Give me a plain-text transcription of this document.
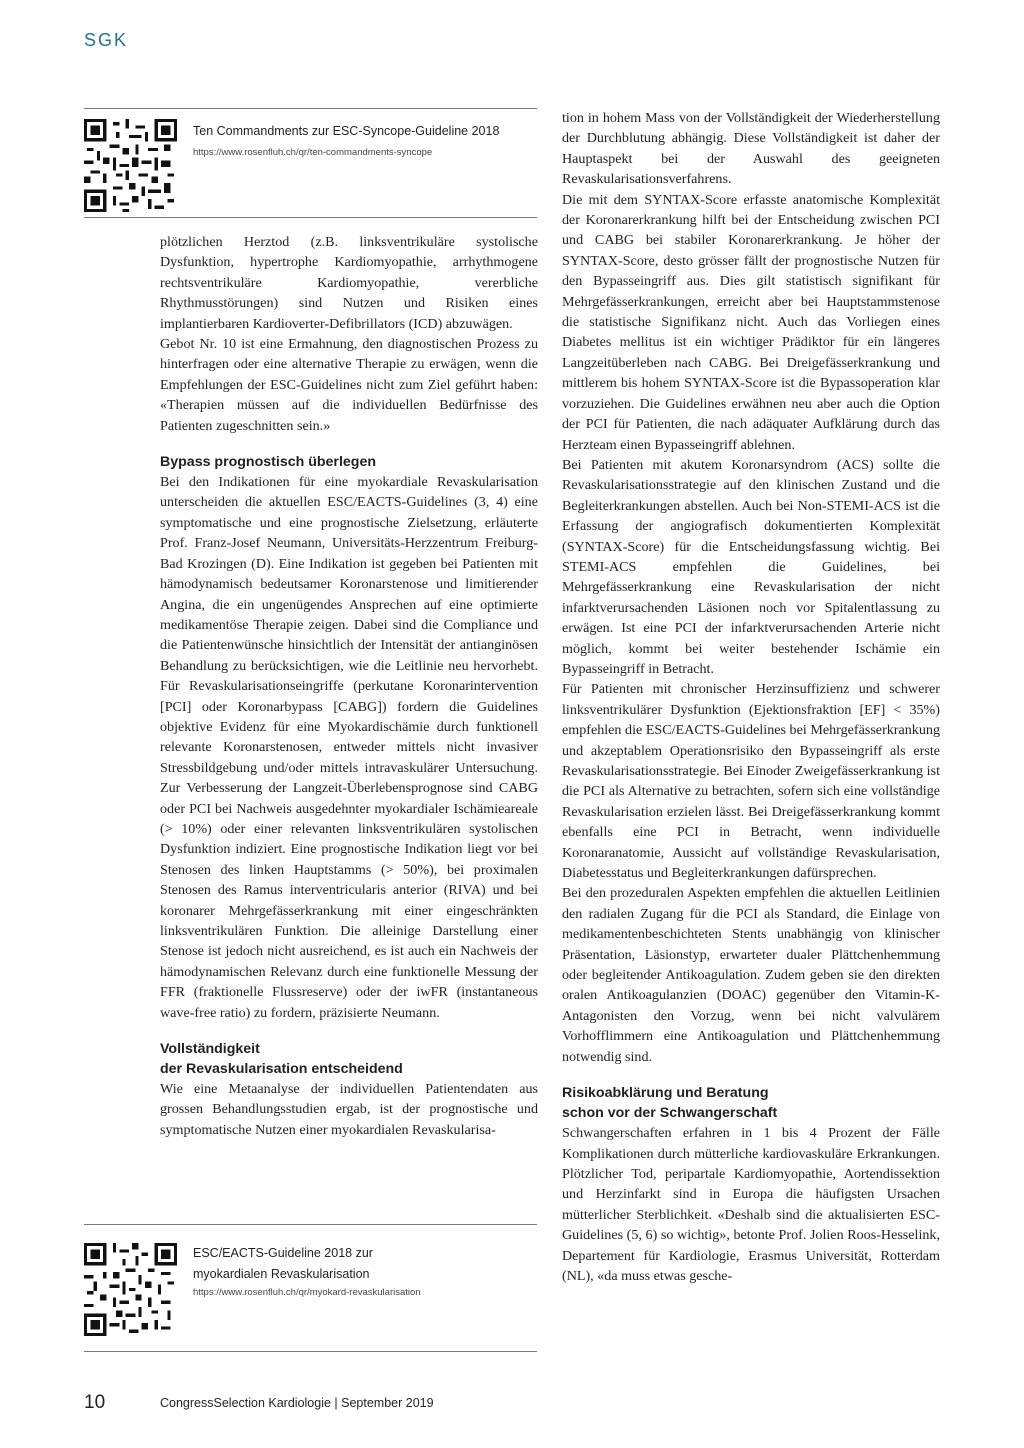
SGK
Ten Commandments zur ESC-Syncope-Guideline 2018
https://www.rosenfluh.ch/qr/ten-commandments-syncope

plötzlichen Herztod (z.B. linksventrikuläre systolische Dysfunktion, hypertrophe Kardiomyopathie, arrhythmogene rechtsventrikuläre Kardiomyopathie, vererbliche Rhythmusstörungen) sind Nutzen und Risiken eines implantierbaren Kardioverter-Defibrillators (ICD) abzuwägen.

Gebot Nr. 10 ist eine Ermahnung, den diagnostischen Prozess zu hinterfragen oder eine alternative Therapie zu erwägen, wenn die Empfehlungen der ESC-Guidelines nicht zum Ziel geführt haben: «Therapien müssen auf die individuellen Bedürfnisse des Patienten zugeschnitten sein.»

Bypass prognostisch überlegen

Bei den Indikationen für eine myokardiale Revaskularisation unterscheiden die aktuellen ESC/EACTS-Guidelines (3, 4) eine symptomatische und eine prognostische Zielsetzung, erläuterte Prof. Franz-Josef Neumann, Universitäts-Herzzentrum Freiburg-Bad Krozingen (D). Eine Indikation ist gegeben bei Patienten mit hämodynamisch bedeutsamer Koronarstenose und limitierender Angina, die ein ungenügendes Ansprechen auf eine optimierte medikamentöse Therapie zeigen. Dabei sind die Compliance und die Patientenwünsche hinsichtlich der Intensität der antianginösen Behandlung zu berücksichtigen, wie die Leitlinie neu hervorhebt. Für Revaskularisationseingriffe (perkutane Koronarintervention [PCI] oder Koronarbypass [CABG]) fordern die Guidelines objektive Evidenz für eine Myokardischämie durch funktionell relevante Koronarstenosen, entweder mittels nicht invasiver Stressbildgebung und/oder mittels intravaskulärer Untersuchung. Zur Verbesserung der Langzeit-Überlebensprognose sind CABG oder PCI bei Nachweis ausgedehnter myokardialer Ischämieareale (> 10%) oder einer relevanten linksventrikulären systolischen Dysfunktion indiziert. Eine prognostische Indikation liegt vor bei Stenosen des linken Hauptstamms (> 50%), bei proximalen Stenosen des Ramus interventricularis anterior (RIVA) und bei koronarer Mehrgefässerkrankung mit einer eingeschränkten linksventrikulären Funktion. Die alleinige Darstellung einer Stenose ist jedoch nicht ausreichend, es ist auch ein Nachweis der hämodynamischen Relevanz durch eine funktionelle Messung der FFR (fraktionelle Flussreserve) oder der iwFR (instantaneous wave-free ratio) zu fordern, präzisierte Neumann.

Vollständigkeit
der Revaskularisation entscheidend

Wie eine Metaanalyse der individuellen Patientendaten aus grossen Behandlungsstudien ergab, ist der prognostische und symptomatische Nutzen einer myokardialen Revaskularisa-

ESC/EACTS-Guideline 2018 zur
myokardialen Revaskularisation
https://www.rosenfluh.ch/qr/myokard-revaskularisation

tion in hohem Mass von der Vollständigkeit der Wiederherstellung der Durchblutung abhängig. Diese Vollständigkeit ist daher der Hauptaspekt bei der Auswahl des geeigneten Revaskularisationsverfahrens.

Die mit dem SYNTAX-Score erfasste anatomische Komplexität der Koronarerkrankung hilft bei der Entscheidung zwischen PCI und CABG bei stabiler Koronarerkrankung. Je höher der SYNTAX-Score, desto grösser fällt der prognostische Nutzen für den Bypasseingriff aus. Dies gilt statistisch signifikant für Mehrgefässerkrankungen, erreicht aber bei Hauptstammstenose die statistische Signifikanz nicht. Auch das Vorliegen eines Diabetes mellitus ist ein wichtiger Prädiktor für ein längeres Langzeitüberleben nach CABG. Bei Dreigefässerkrankung und mittlerem bis hohem SYNTAX-Score ist die Bypassoperation klar vorzuziehen. Die Guidelines erwähnen neu aber auch die Option der PCI für Patienten, die nach adäquater Aufklärung durch das Herzteam einen Bypasseingriff ablehnen.

Bei Patienten mit akutem Koronarsyndrom (ACS) sollte die Revaskularisationsstrategie auf den klinischen Zustand und die Begleiterkrankungen abstellen. Auch bei Non-STEMI-ACS ist die Erfassung der angiografisch dokumentierten Komplexität (SYNTAX-Score) für die Entscheidungsfassung wichtig. Bei STEMI-ACS empfehlen die Guidelines, bei Mehrgefässerkrankung eine Revaskularisation der nicht infarktverursachenden Läsionen noch vor Spitalentlassung zu erwägen. Ist eine PCI der infarktverursachenden Arterie nicht möglich, kommt bei weiter bestehender Ischämie ein Bypasseingriff in Betracht.

Für Patienten mit chronischer Herzinsuffizienz und schwerer linksventrikulärer Dysfunktion (Ejektionsfraktion [EF] < 35%) empfehlen die ESC/EACTS-Guidelines bei Mehrgefässerkrankung und akzeptablem Operationsrisiko den Bypasseingriff als erste Revaskularisationsstrategie. Bei Einoder Zweigefässerkrankung ist die PCI als Alternative zu betrachten, sofern sich eine vollständige Revaskularisation erzielen lässt. Bei Dreigefässerkrankung kommt ebenfalls eine PCI in Betracht, wenn individuelle Koronaranatomie, Aussicht auf vollständige Revaskularisation, Diabetesstatus und Begleiterkrankungen dafürsprechen.

Bei den prozeduralen Aspekten empfehlen die aktuellen Leitlinien den radialen Zugang für die PCI als Standard, die Einlage von medikamentenbeschichteten Stents unabhängig von klinischer Präsentation, Läsionstyp, erwarteter dualer Plättchenhemmung oder begleitender Antikoagulation. Zudem geben sie den direkten oralen Antikoagulanzien (DOAC) gegenüber den Vitamin-K-Antagonisten den Vorzug, wenn bei nicht valvulärem Vorhofflimmern eine Antikoagulation und Plättchenhemmung notwendig sind.

Risikoabklärung und Beratung
schon vor der Schwangerschaft

Schwangerschaften erfahren in 1 bis 4 Prozent der Fälle Komplikationen durch mütterliche kardiovaskuläre Erkrankungen. Plötzlicher Tod, peripartale Kardiomyopathie, Aortendissektion und Herzinfarkt sind in Europa die häufigsten Ursachen mütterlicher Sterblichkeit. «Deshalb sind die aktualisierten ESC-Guidelines (5, 6) so wichtig», betonte Prof. Jolien Roos-Hesselink, Departement für Kardiologie, Erasmus Universität, Rotterdam (NL), «da muss etwas gesche-

10	CongressSelection Kardiologie | September 2019
